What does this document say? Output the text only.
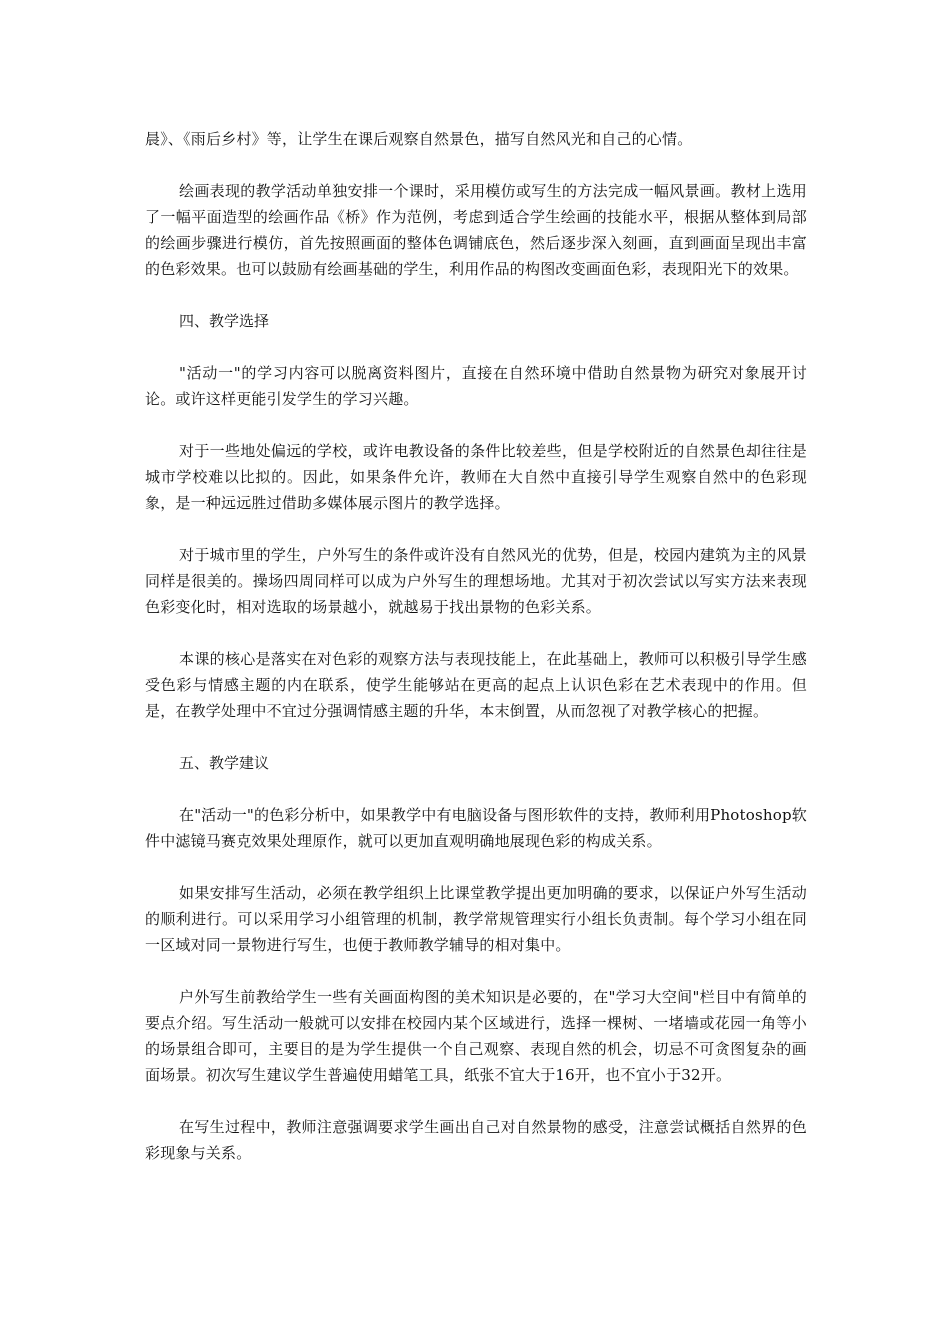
晨》、《雨后乡村》等，让学生在课后观察自然景色，描写自然风光和自己的心情。

绘画表现的教学活动单独安排一个课时，采用模仿或写生的方法完成一幅风景画。教材上选用了一幅平面造型的绘画作品《桥》作为范例，考虑到适合学生绘画的技能水平，根据从整体到局部的绘画步骤进行模仿，首先按照画面的整体色调铺底色，然后逐步深入刻画，直到画面呈现出丰富的色彩效果。也可以鼓励有绘画基础的学生，利用作品的构图改变画面色彩，表现阳光下的效果。

四、教学选择

"活动一"的学习内容可以脱离资料图片，直接在自然环境中借助自然景物为研究对象展开讨论。或许这样更能引发学生的学习兴趣。

对于一些地处偏远的学校，或许电教设备的条件比较差些，但是学校附近的自然景色却往往是城市学校难以比拟的。因此，如果条件允许，教师在大自然中直接引导学生观察自然中的色彩现象，是一种远远胜过借助多媒体展示图片的教学选择。

对于城市里的学生，户外写生的条件或许没有自然风光的优势，但是，校园内建筑为主的风景同样是很美的。操场四周同样可以成为户外写生的理想场地。尤其对于初次尝试以写实方法来表现色彩变化时，相对选取的场景越小，就越易于找出景物的色彩关系。

本课的核心是落实在对色彩的观察方法与表现技能上，在此基础上，教师可以积极引导学生感受色彩与情感主题的内在联系，使学生能够站在更高的起点上认识色彩在艺术表现中的作用。但是，在教学处理中不宜过分强调情感主题的升华，本末倒置，从而忽视了对教学核心的把握。

五、教学建议

在"活动一"的色彩分析中，如果教学中有电脑设备与图形软件的支持，教师利用Photoshop软件中滤镜马赛克效果处理原作，就可以更加直观明确地展现色彩的构成关系。

如果安排写生活动，必须在教学组织上比课堂教学提出更加明确的要求，以保证户外写生活动的顺利进行。可以采用学习小组管理的机制，教学常规管理实行小组长负责制。每个学习小组在同一区域对同一景物进行写生，也便于教师教学辅导的相对集中。

户外写生前教给学生一些有关画面构图的美术知识是必要的，在"学习大空间"栏目中有简单的要点介绍。写生活动一般就可以安排在校园内某个区域进行，选择一棵树、一堵墙或花园一角等小的场景组合即可，主要目的是为学生提供一个自己观察、表现自然的机会，切忌不可贪图复杂的画面场景。初次写生建议学生普遍使用蜡笔工具，纸张不宜大于16开，也不宜小于32开。

在写生过程中，教师注意强调要求学生画出自己对自然景物的感受，注意尝试概括自然界的色彩现象与关系。
